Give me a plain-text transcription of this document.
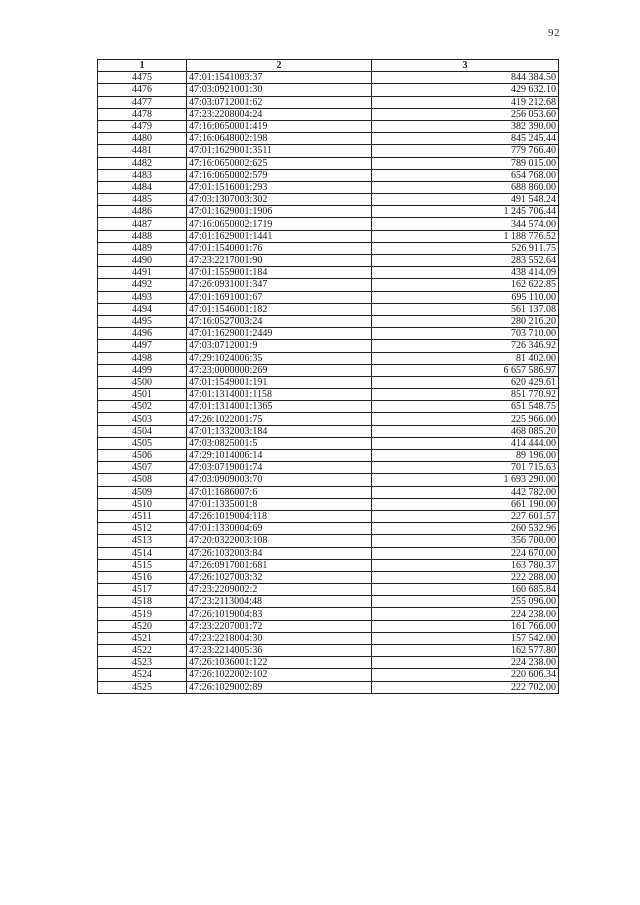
92
1	2	3
4475	47:01:1541003:37	844 384.50
4476	47:03:0921001:30	429 632.10
4477	47:03:0712001:62	419 212.68
4478	47:23:2208004:24	256 053.60
4479	47:16:0650001:419	382 390.00
4480	47:16:0648002:198	845 245.44
4481	47:01:1629001:3511	779 766.40
4482	47:16:0650002:625	789 015.00
4483	47:16:0650002:579	654 768.00
4484	47:01:1516001:293	688 860.00
4485	47:03:1307003:302	491 548.24
4486	47:01:1629001:1906	1 245 706.44
4487	47:16:0650002:1719	344 574.00
4488	47:01:1629001:1441	1 188 776.52
4489	47:01:1540001:76	526 911.75
4490	47:23:2217001:90	283 552.64
4491	47:01:1559001:184	438 414.09
4492	47:26:0931001:347	162 622.85
4493	47:01:1691001:67	695 110.00
4494	47:01:1546001:182	561 137.08
4495	47:16:0527003:24	280 216.20
4496	47:01:1629001:2449	703 710.00
4497	47:03:0712001:9	726 346.92
4498	47:29:1024006:35	81 402.00
4499	47:23:0000000:269	6 657 586.97
4500	47:01:1549001:191	620 429.61
4501	47:01:1314001:1158	851 770.92
4502	47:01:1314001:1365	651 548.75
4503	47:26:1022001:75	225 966.00
4504	47:01:1332003:184	468 085.20
4505	47:03:0825001:5	414 444.00
4506	47:29:1014006:14	89 196.00
4507	47:03:0719001:74	701 715.63
4508	47:03:0909003:70	1 693 290.00
4509	47:01:1686007:6	442 782.00
4510	47:01:1335001:8	661 190.00
4511	47:26:1019004:118	227 601.57
4512	47:01:1330004:69	260 532.96
4513	47:20:0322003:108	356 700.00
4514	47:26:1032003:84	224 670.00
4515	47:26:0917001:681	163 780.37
4516	47:26:1027003:32	222 288.00
4517	47:23:2209002:2	160 685.84
4518	47:23:2113004:48	255 096.00
4519	47:26:1019004:83	224 238.00
4520	47:23:2207001:72	161 766.00
4521	47:23:2218004:30	157 542.00
4522	47:23:2214005:36	162 577.80
4523	47:26:1036001:122	224 238.00
4524	47:26:1022002:102	220 606.34
4525	47:26:1029002:89	222 702.00
